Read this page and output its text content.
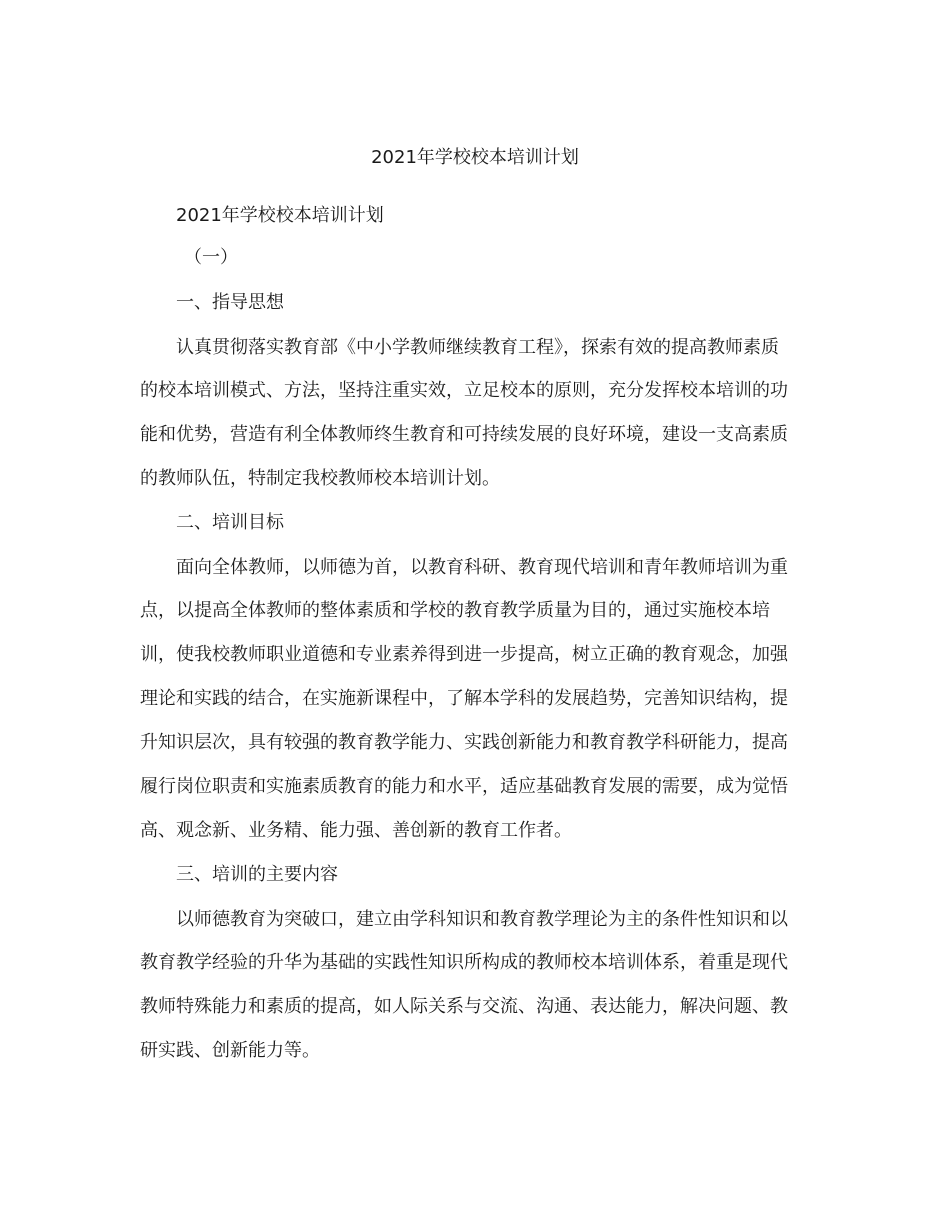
2021年学校校本培训计划

2021年学校校本培训计划

（一）

一、指导思想

认真贯彻落实教育部《中小学教师继续教育工程》，探索有效的提高教师素质

的校本培训模式、方法，坚持注重实效，立足校本的原则，充分发挥校本培训的功

能和优势，营造有利全体教师终生教育和可持续发展的良好环境，建设一支高素质

的教师队伍，特制定我校教师校本培训计划。

二、培训目标

面向全体教师，以师德为首，以教育科研、教育现代培训和青年教师培训为重

点，以提高全体教师的整体素质和学校的教育教学质量为目的，通过实施校本培

训，使我校教师职业道德和专业素养得到进一步提高，树立正确的教育观念，加强

理论和实践的结合，在实施新课程中，了解本学科的发展趋势，完善知识结构，提

升知识层次，具有较强的教育教学能力、实践创新能力和教育教学科研能力，提高

履行岗位职责和实施素质教育的能力和水平，适应基础教育发展的需要，成为觉悟

高、观念新、业务精、能力强、善创新的教育工作者。

三、培训的主要内容

以师德教育为突破口，建立由学科知识和教育教学理论为主的条件性知识和以

教育教学经验的升华为基础的实践性知识所构成的教师校本培训体系，着重是现代

教师特殊能力和素质的提高，如人际关系与交流、沟通、表达能力，解决问题、教

研实践、创新能力等。
